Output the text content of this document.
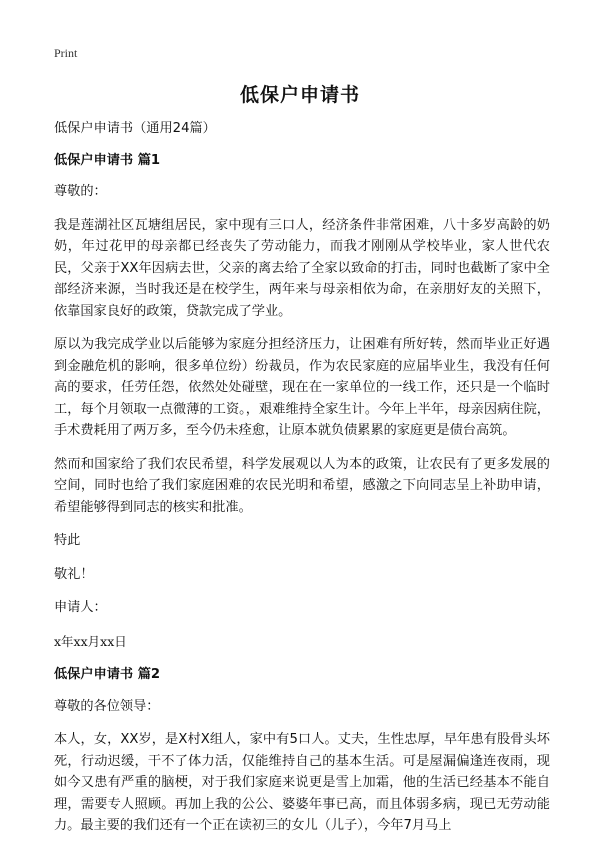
Print
低保户申请书

低保户申请书（通用24篇）

低保户申请书 篇1

尊敬的：

我是莲湖社区瓦塘组居民，家中现有三口人，经济条件非常困难，八十多岁高龄的奶奶，年过花甲的母亲都已经丧失了劳动能力，而我才刚刚从学校毕业，家人世代农民，父亲于XX年因病去世，父亲的离去给了全家以致命的打击，同时也截断了家中全部经济来源，当时我还是在校学生，两年来与母亲相依为命，在亲朋好友的关照下，依靠国家良好的政策，贷款完成了学业。

原以为我完成学业以后能够为家庭分担经济压力，让困难有所好转，然而毕业正好遇到金融危机的影响，很多单位纷）纷裁员，作为农民家庭的应届毕业生，我没有任何高的要求，任劳任怨，依然处处碰壁，现在在一家单位的一线工作，还只是一个临时工，每个月领取一点微薄的工资。，艰难维持全家生计。今年上半年，母亲因病住院，手术费耗用了两万多，至今仍未痊愈，让原本就负债累累的家庭更是债台高筑。

然而和国家给了我们农民希望，科学发展观以人为本的政策，让农民有了更多发展的空间，同时也给了我们家庭困难的农民光明和希望，感激之下向同志呈上补助申请，希望能够得到同志的核实和批准。

特此

敬礼！

申请人：

x年xx月xx日

低保户申请书 篇2

尊敬的各位领导：

本人，女，XX岁，是X村X组人，家中有5口人。丈夫，生性忠厚，早年患有股骨头坏死，行动迟缓，干不了体力活，仅能维持自己的基本生活。可是屋漏偏逢连夜雨，现如今又患有严重的脑梗，对于我们家庭来说更是雪上加霜，他的生活已经基本不能自理，需要专人照顾。再加上我的公公、婆婆年事已高，而且体弱多病，现已无劳动能力。最主要的我们还有一个正在读初三的女儿（儿子），今年7月马上
